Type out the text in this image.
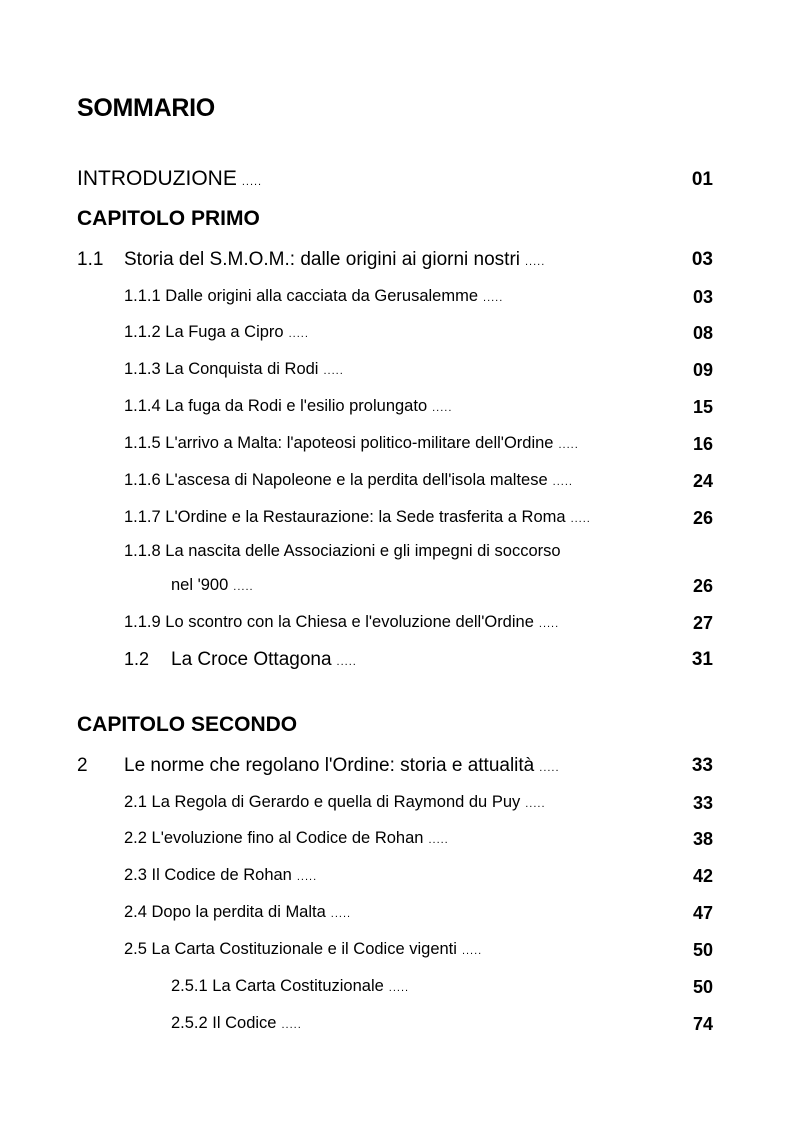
SOMMARIO
INTRODUZIONE .....	01
CAPITOLO PRIMO
1.1 Storia del S.M.O.M.: dalle origini ai giorni nostri .....	03
1.1.1 Dalle origini alla cacciata da Gerusalemme .....	03
1.1.2 La Fuga a Cipro .....	08
1.1.3 La Conquista di Rodi .....	09
1.1.4 La fuga da Rodi e l'esilio prolungato .....	15
1.1.5 L'arrivo a Malta: l'apoteosi politico-militare dell'Ordine .....	16
1.1.6 L'ascesa di Napoleone e la perdita dell'isola maltese .....	24
1.1.7 L'Ordine e la Restaurazione: la Sede trasferita a Roma .....	26
1.1.8 La nascita delle Associazioni e gli impegni di soccorso
nel '900 .....	26
1.1.9 Lo scontro con la Chiesa e l'evoluzione dell'Ordine .....	27
1.2 La Croce Ottagona .....	31
CAPITOLO SECONDO
2 Le norme che regolano l'Ordine: storia e attualità .....	33
2.1 La Regola di Gerardo e quella di Raymond du Puy .....	33
2.2 L'evoluzione fino al Codice de Rohan .....	38
2.3 Il Codice de Rohan .....	42
2.4 Dopo la perdita di Malta .....	47
2.5 La Carta Costituzionale e il Codice vigenti .....	50
2.5.1 La Carta Costituzionale .....	50
2.5.2 Il Codice .....	74
